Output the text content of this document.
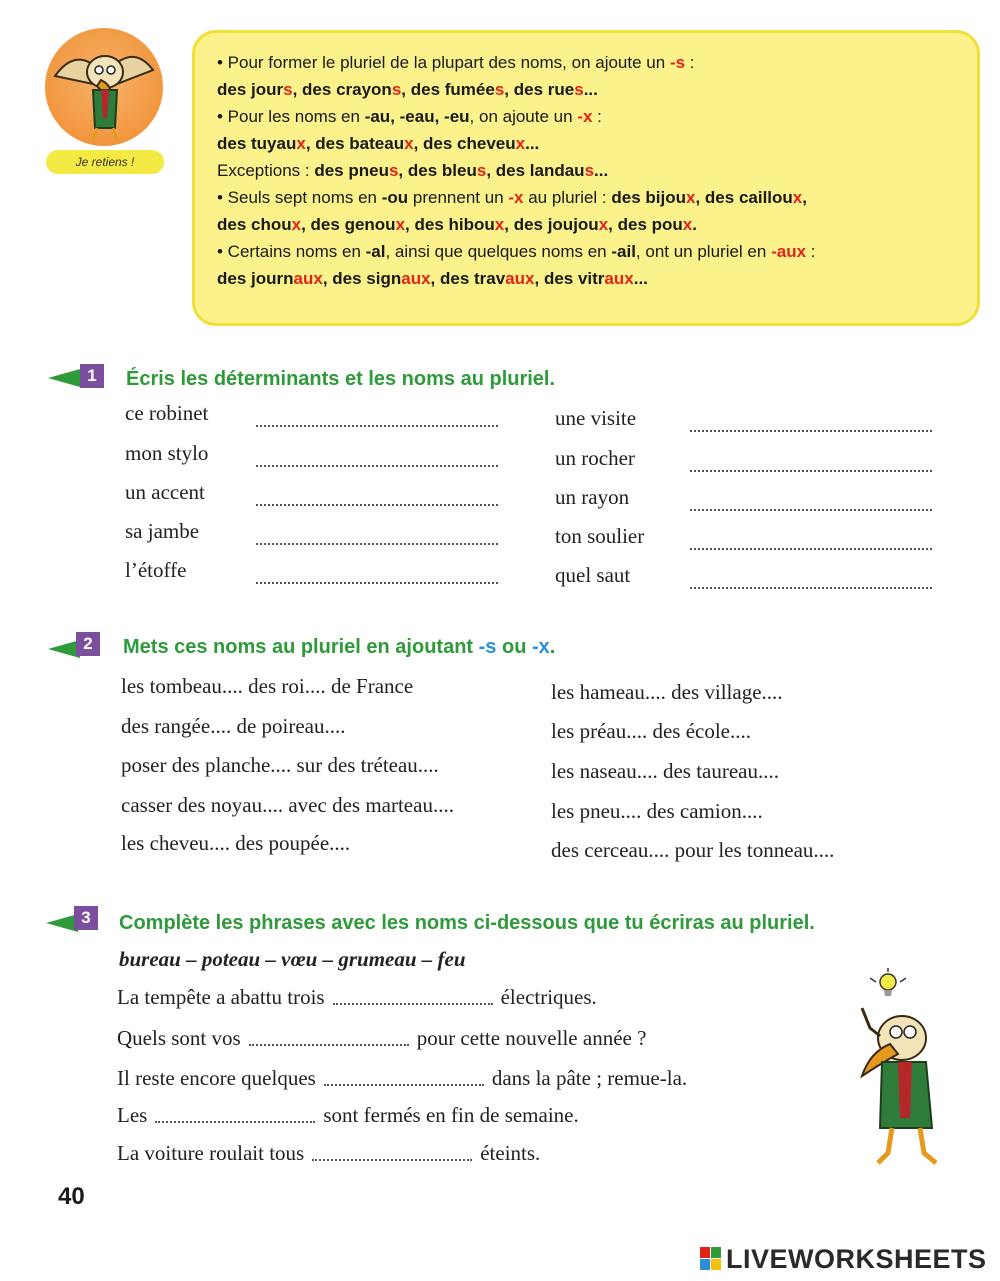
Je retiens !

• Pour former le pluriel de la plupart des noms, on ajoute un -s :

des jours, des crayons, des fumées, des rues...

• Pour les noms en -au, -eau, -eu, on ajoute un -x :

des tuyaux, des bateaux, des cheveux...

Exceptions : des pneus, des bleus, des landaus...

• Seuls sept noms en -ou prennent un -x au pluriel : des bijoux, des cailloux,

des choux, des genoux, des hiboux, des joujoux, des poux.

• Certains noms en -al, ainsi que quelques noms en -ail, ont un pluriel en -aux :

des journaux, des signaux, des travaux, des vitraux...

1	Écris les déterminants et les noms au pluriel.
ce robinet	une visite
mon stylo	un rocher
un accent	un rayon
sa jambe	ton soulier
l’étoffe	quel saut
2	Mets ces noms au pluriel en ajoutant -s ou -x.
les tombeau.... des roi.... de France	les hameau.... des village....
des rangée.... de poireau....	les préau.... des école....
poser des planche.... sur des tréteau....	les naseau.... des taureau....
casser des noyau.... avec des marteau....	les pneu.... des camion....
les cheveu.... des poupée....	des cerceau.... pour les tonneau....
3	Complète les phrases avec les noms ci-dessous que tu écriras au pluriel.
bureau – poteau – vœu – grumeau – feu
La tempête a abattu trois	électriques.
Quels sont vos	pour cette nouvelle année ?
Il reste encore quelques	dans la pâte ; remue-la.
Les	sont fermés en fin de semaine.
La voiture roulait tous	éteints.
40
LIVEWORKSHEETS
